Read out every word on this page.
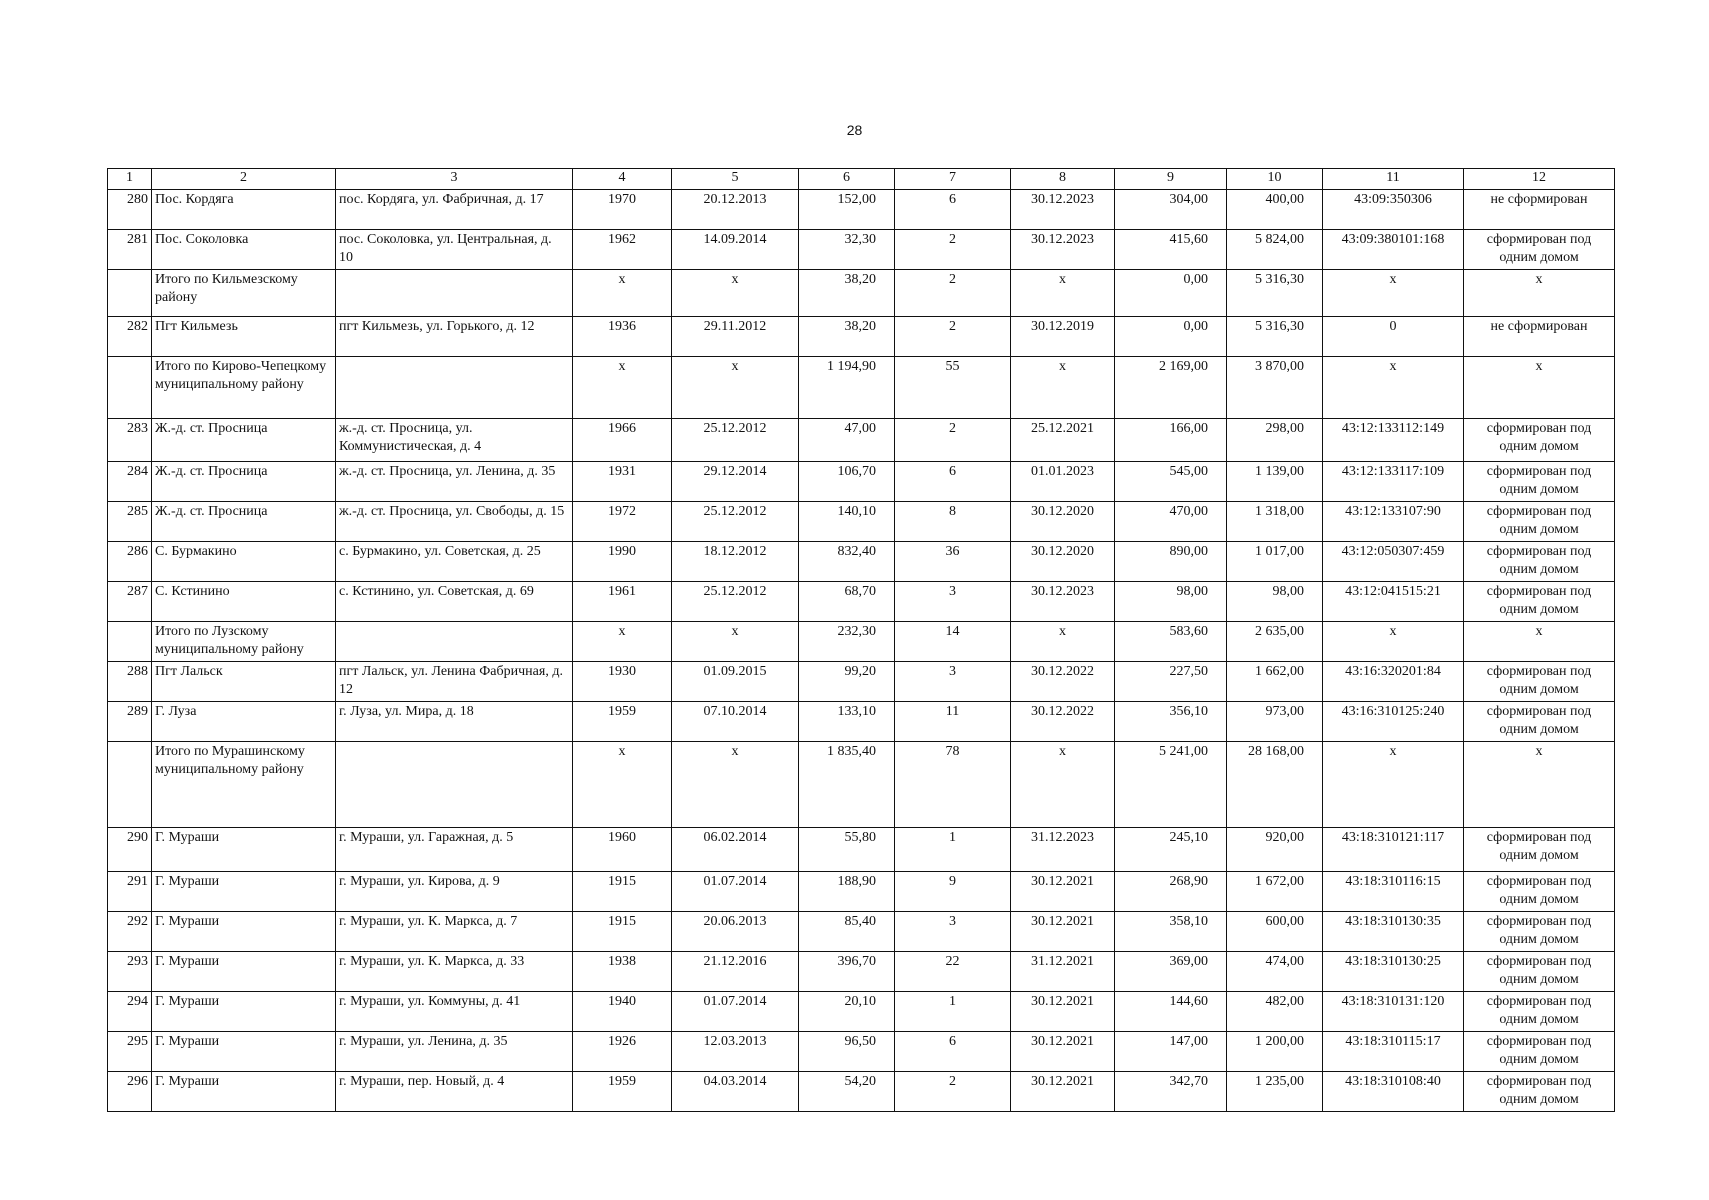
28
1	2	3	4	5	6	7	8	9	10	11	12
280	Пос. Кордяга	пос. Кордяга, ул. Фабричная, д. 17	1970	20.12.2013	152,00	6	30.12.2023	304,00	400,00	43:09:350306	не сформирован
281	Пос. Соколовка	пос. Соколовка, ул. Центральная, д. 10	1962	14.09.2014	32,30	2	30.12.2023	415,60	5 824,00	43:09:380101:168	сформирован под одним домом
	Итого по Кильмезскому району		х	х	38,20	2	х	0,00	5 316,30	х	х
282	Пгт Кильмезь	пгт Кильмезь, ул. Горького, д. 12	1936	29.11.2012	38,20	2	30.12.2019	0,00	5 316,30	0	не сформирован
	Итого по Кирово-Чепецкому муниципальному району		х	х	1 194,90	55	х	2 169,00	3 870,00	х	х
283	Ж.-д. ст. Просница	ж.-д. ст. Просница, ул. Коммунистическая, д. 4	1966	25.12.2012	47,00	2	25.12.2021	166,00	298,00	43:12:133112:149	сформирован под одним домом
284	Ж.-д. ст. Просница	ж.-д. ст. Просница, ул. Ленина, д. 35	1931	29.12.2014	106,70	6	01.01.2023	545,00	1 139,00	43:12:133117:109	сформирован под одним домом
285	Ж.-д. ст. Просница	ж.-д. ст. Просница, ул. Свободы, д. 15	1972	25.12.2012	140,10	8	30.12.2020	470,00	1 318,00	43:12:133107:90	сформирован под одним домом
286	С. Бурмакино	с. Бурмакино, ул. Советская, д. 25	1990	18.12.2012	832,40	36	30.12.2020	890,00	1 017,00	43:12:050307:459	сформирован под одним домом
287	С. Кстинино	с. Кстинино, ул. Советская, д. 69	1961	25.12.2012	68,70	3	30.12.2023	98,00	98,00	43:12:041515:21	сформирован под одним домом
	Итого по Лузскому муниципальному району		х	х	232,30	14	х	583,60	2 635,00	х	х
288	Пгт Лальск	пгт Лальск, ул. Ленина Фабричная, д. 12	1930	01.09.2015	99,20	3	30.12.2022	227,50	1 662,00	43:16:320201:84	сформирован под одним домом
289	Г. Луза	г. Луза, ул. Мира, д. 18	1959	07.10.2014	133,10	11	30.12.2022	356,10	973,00	43:16:310125:240	сформирован под одним домом
	Итого по Мурашинскому муниципальному району		х	х	1 835,40	78	х	5 241,00	28 168,00	х	х
290	Г. Мураши	г. Мураши, ул. Гаражная, д. 5	1960	06.02.2014	55,80	1	31.12.2023	245,10	920,00	43:18:310121:117	сформирован под одним домом
291	Г. Мураши	г. Мураши, ул. Кирова, д. 9	1915	01.07.2014	188,90	9	30.12.2021	268,90	1 672,00	43:18:310116:15	сформирован под одним домом
292	Г. Мураши	г. Мураши, ул. К. Маркса, д. 7	1915	20.06.2013	85,40	3	30.12.2021	358,10	600,00	43:18:310130:35	сформирован под одним домом
293	Г. Мураши	г. Мураши, ул. К. Маркса, д. 33	1938	21.12.2016	396,70	22	31.12.2021	369,00	474,00	43:18:310130:25	сформирован под одним домом
294	Г. Мураши	г. Мураши, ул. Коммуны, д. 41	1940	01.07.2014	20,10	1	30.12.2021	144,60	482,00	43:18:310131:120	сформирован под одним домом
295	Г. Мураши	г. Мураши, ул. Ленина, д. 35	1926	12.03.2013	96,50	6	30.12.2021	147,00	1 200,00	43:18:310115:17	сформирован под одним домом
296	Г. Мураши	г. Мураши, пер. Новый, д. 4	1959	04.03.2014	54,20	2	30.12.2021	342,70	1 235,00	43:18:310108:40	сформирован под одним домом
